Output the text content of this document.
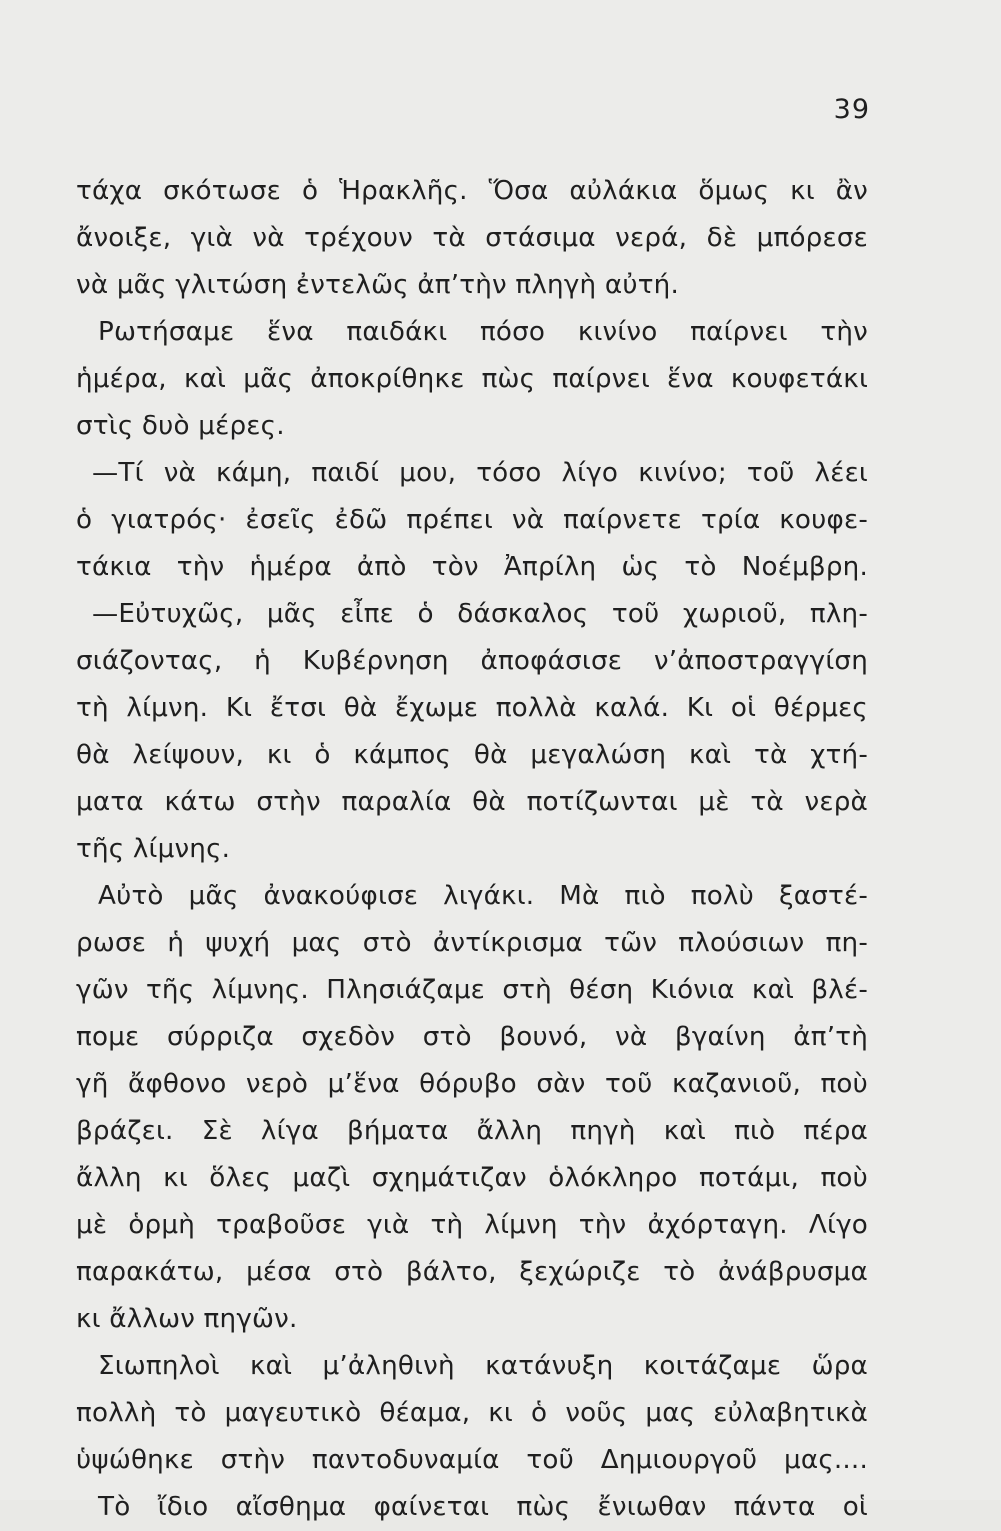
39
τάχα σκότωσε ὁ Ἡρακλῆς. Ὅσα αὐλάκια ὅμως κι ἂν
ἄνοιξε, γιὰ νὰ τρέχουν τὰ στάσιμα νερά, δὲ μπόρεσε
νὰ μᾶς γλιτώση ἐντελῶς ἀπ’τὴν πληγὴ αὐτή.
Ρωτήσαμε ἕνα παιδάκι πόσο κινίνο παίρνει τὴν
ἡμέρα, καὶ μᾶς ἀποκρίθηκε πὼς παίρνει ἕνα κουφετάκι
στὶς δυὸ μέρες.
—Τί νὰ κάμη, παιδί μου, τόσο λίγο κινίνο; τοῦ λέει
ὁ γιατρός· ἐσεῖς ἐδῶ πρέπει νὰ παίρνετε τρία κουφε-
τάκια τὴν ἡμέρα ἀπὸ τὸν Ἀπρίλη ὡς τὸ Νοέμβρη.
—Εὐτυχῶς, μᾶς εἶπε ὁ δάσκαλος τοῦ χωριοῦ, πλη-
σιάζοντας, ἡ Κυβέρνηση ἀποφάσισε ν’ἀποστραγγίση
τὴ λίμνη. Κι ἔτσι θὰ ἔχωμε πολλὰ καλά. Κι οἱ θέρμες
θὰ λείψουν, κι ὁ κάμπος θὰ μεγαλώση καὶ τὰ χτή-
ματα κάτω στὴν παραλία θὰ ποτίζωνται μὲ τὰ νερὰ
τῆς λίμνης.
Αὐτὸ μᾶς ἀνακούφισε λιγάκι. Μὰ πιὸ πολὺ ξαστέ-
ρωσε ἡ ψυχή μας στὸ ἀντίκρισμα τῶν πλούσιων πη-
γῶν τῆς λίμνης. Πλησιάζαμε στὴ θέση Κιόνια καὶ βλέ-
πομε σύρριζα σχεδὸν στὸ βουνό, νὰ βγαίνη ἀπ’τὴ
γῆ ἄφθονο νερὸ μ’ἕνα θόρυβο σὰν τοῦ καζανιοῦ, ποὺ
βράζει. Σὲ λίγα βήματα ἄλλη πηγὴ καὶ πιὸ πέρα
ἄλλη κι ὅλες μαζὶ σχημάτιζαν ὁλόκληρο ποτάμι, ποὺ
μὲ ὁρμὴ τραβοῦσε γιὰ τὴ λίμνη τὴν ἀχόρταγη. Λίγο
παρακάτω, μέσα στὸ βάλτο, ξεχώριζε τὸ ἀνάβρυσμα
κι ἄλλων πηγῶν.
Σιωπηλοὶ καὶ μ’ἀληθινὴ κατάνυξη κοιτάζαμε ὥρα
πολλὴ τὸ μαγευτικὸ θέαμα, κι ὁ νοῦς μας εὐλαβητικὰ
ὑψώθηκε στὴν παντοδυναμία τοῦ Δημιουργοῦ μας....
Τὸ ἴδιο αἴσθημα φαίνεται πὼς ἔνιωθαν πάντα οἱ
